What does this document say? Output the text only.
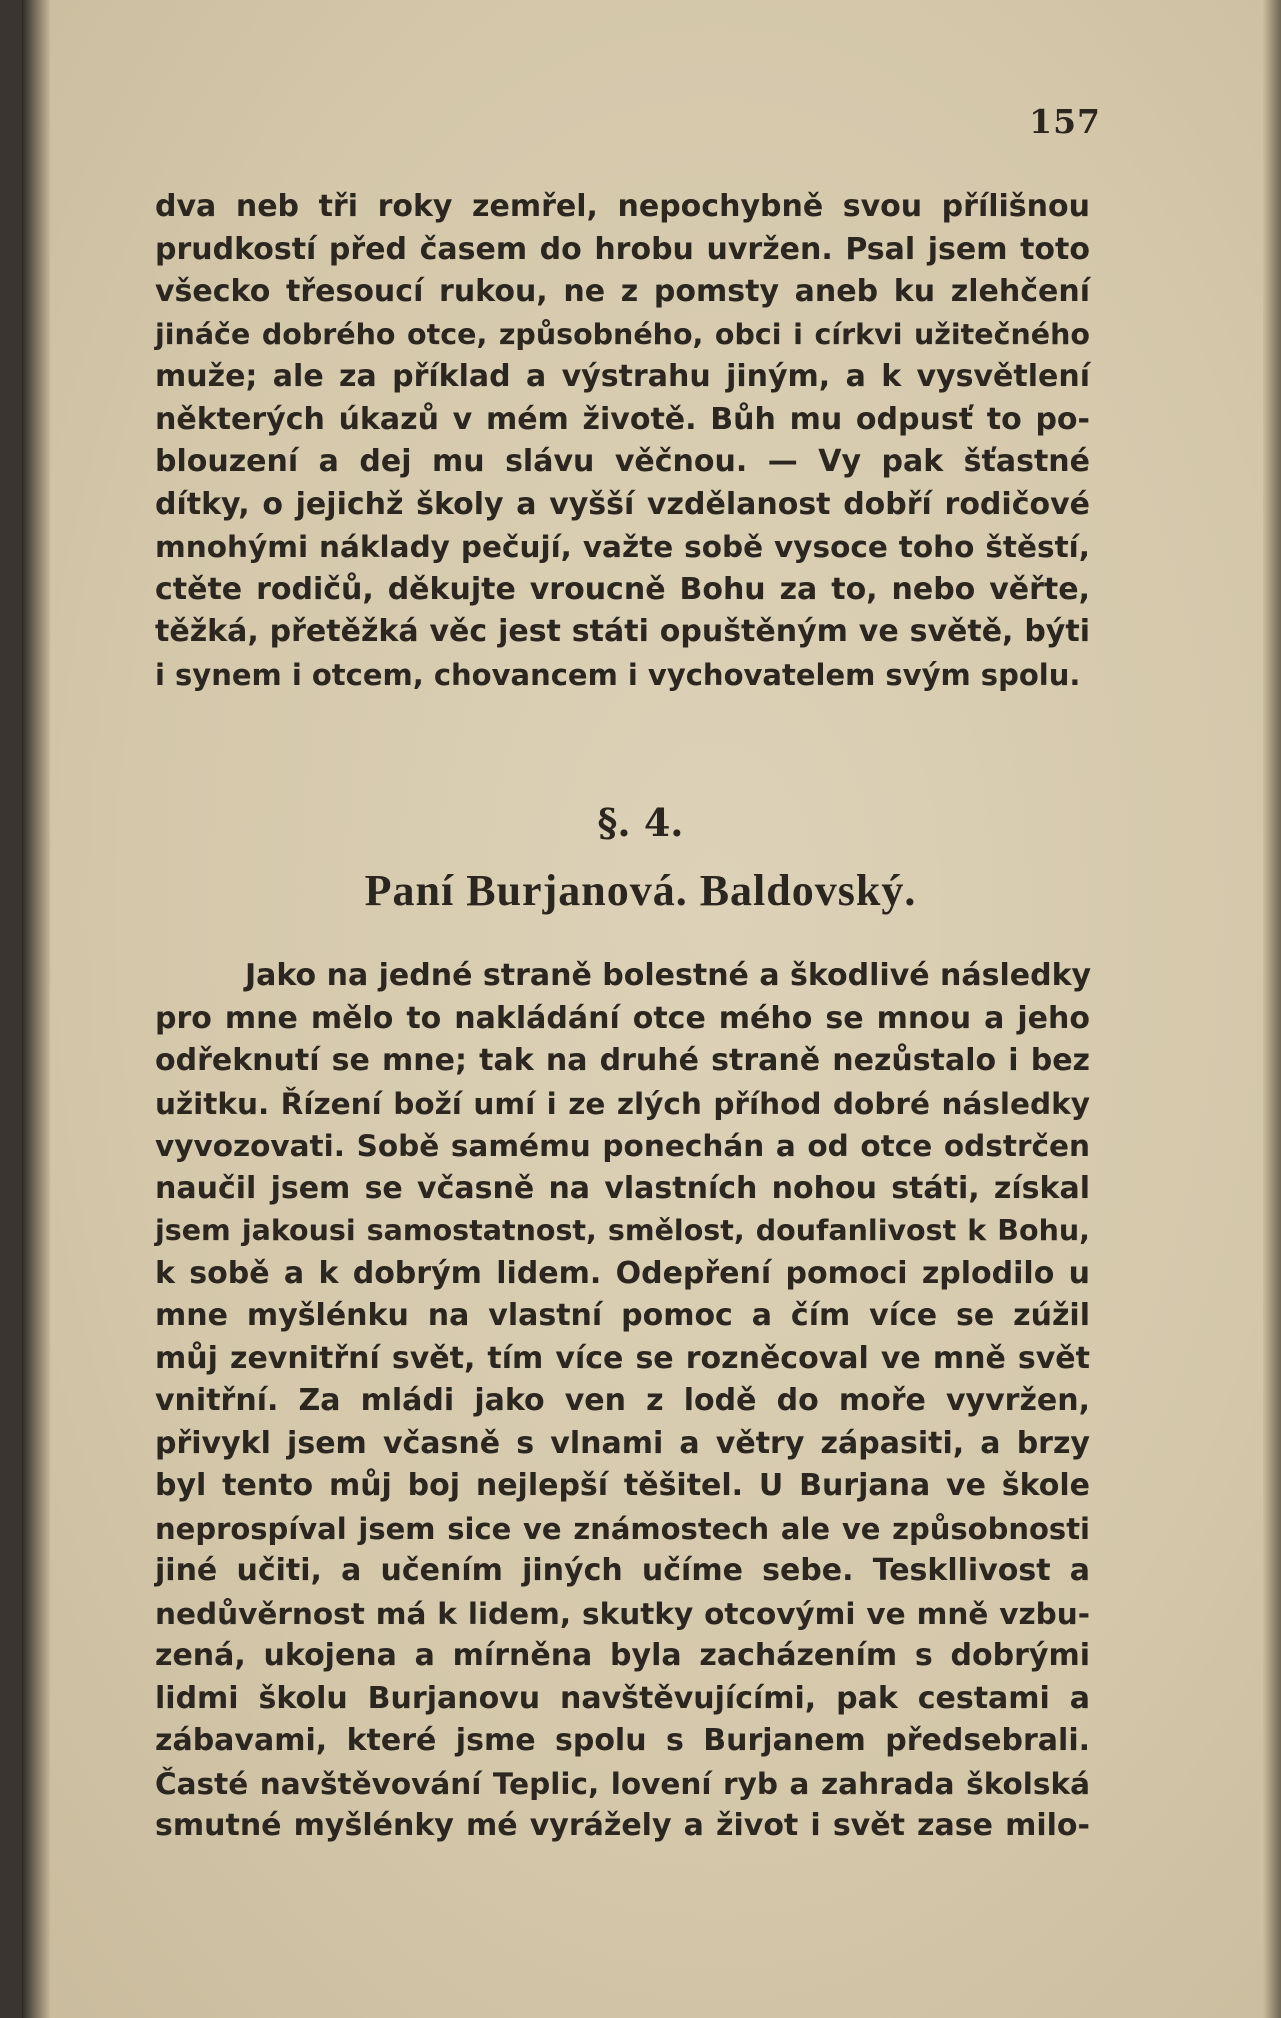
157
dva neb tři roky zemřel, nepochybně svou přílišnou
prudkostí před časem do hrobu uvržen. Psal jsem toto
všecko třesoucí rukou, ne z pomsty aneb ku zlehčení
jináče dobrého otce, způsobného, obci i církvi užitečného
muže; ale za příklad a výstrahu jiným, a k vysvětlení
některých úkazů v mém životě. Bůh mu odpusť to po-
blouzení a dej mu slávu věčnou. — Vy pak šťastné
dítky, o jejichž školy a vyšší vzdělanost dobří rodičové
mnohými náklady pečují, važte sobě vysoce toho štěstí,
ctěte rodičů, děkujte vroucně Bohu za to, nebo věřte,
těžká, přetěžká věc jest státi opuštěným ve světě, býti
i synem i otcem, chovancem i vychovatelem svým spolu.
§. 4.
Paní Burjanová. Baldovský.
Jako na jedné straně bolestné a škodlivé následky
pro mne mělo to nakládání otce mého se mnou a jeho
odřeknutí se mne; tak na druhé straně nezůstalo i bez
užitku. Řízení boží umí i ze zlých příhod dobré následky
vyvozovati. Sobě samému ponechán a od otce odstrčen
naučil jsem se včasně na vlastních nohou státi, získal
jsem jakousi samostatnost, smělost, doufanlivost k Bohu,
k sobě a k dobrým lidem. Odepření pomoci zplodilo u
mne myšlénku na vlastní pomoc a čím více se zúžil
můj zevnitřní svět, tím více se rozněcoval ve mně svět
vnitřní. Za mládi jako ven z lodě do moře vyvržen,
přivykl jsem včasně s vlnami a větry zápasiti, a brzy
byl tento můj boj nejlepší těšitel. U Burjana ve škole
neprospíval jsem sice ve známostech ale ve způsobnosti
jiné učiti, a učením jiných učíme sebe. Teskllivost a
nedůvěrnost má k lidem, skutky otcovými ve mně vzbu-
zená, ukojena a mírněna byla zacházením s dobrými
lidmi školu Burjanovu navštěvujícími, pak cestami a
zábavami, které jsme spolu s Burjanem předsebrali.
Časté navštěvování Teplic, lovení ryb a zahrada školská
smutné myšlénky mé vyrážely a život i svět zase milo-
